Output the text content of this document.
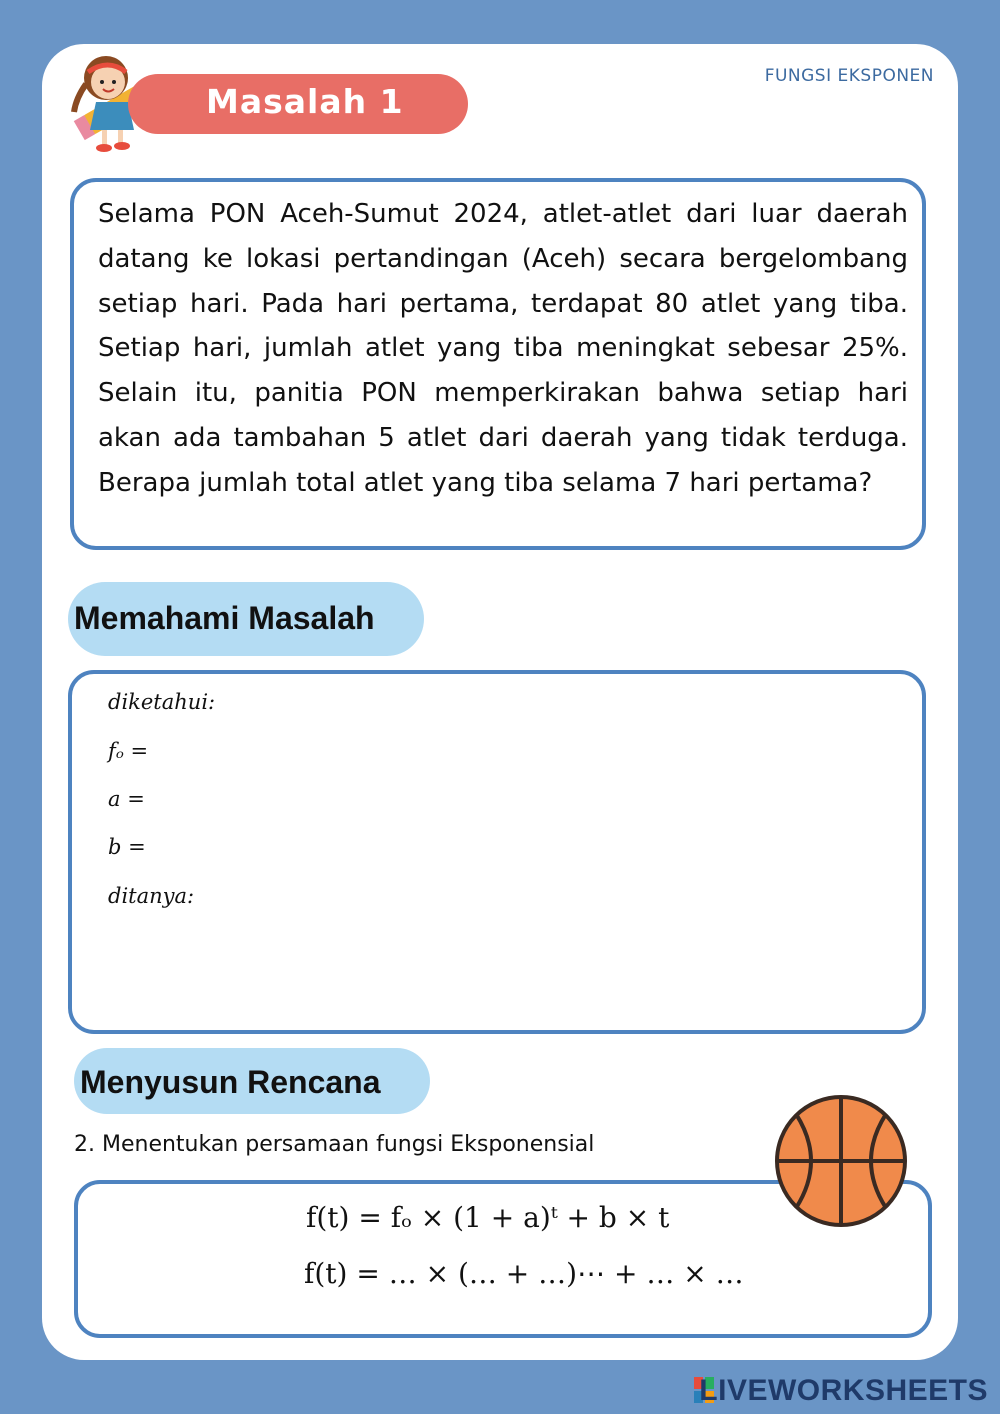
Masalah 1
FUNGSI EKSPONEN
Selama PON Aceh-Sumut 2024, atlet-atlet dari luar daerah datang ke lokasi pertandingan (Aceh) secara bergelombang setiap hari. Pada hari pertama, terdapat 80 atlet yang tiba. Setiap hari, jumlah atlet yang tiba meningkat sebesar 25%. Selain itu, panitia PON memperkirakan bahwa setiap hari akan ada tambahan 5 atlet dari daerah yang tidak terduga. Berapa jumlah total atlet yang tiba selama 7 hari pertama?
Memahami Masalah
diketahui:
fₒ =
a =
b =
ditanya:
Menyusun Rencana
2. Menentukan persamaan fungsi Eksponensial
f(t) = fₒ × (1 + a)ᵗ + b × t
f(t) = … × (… + …)⋯ + … × …
LIVEWORKSHEETS
